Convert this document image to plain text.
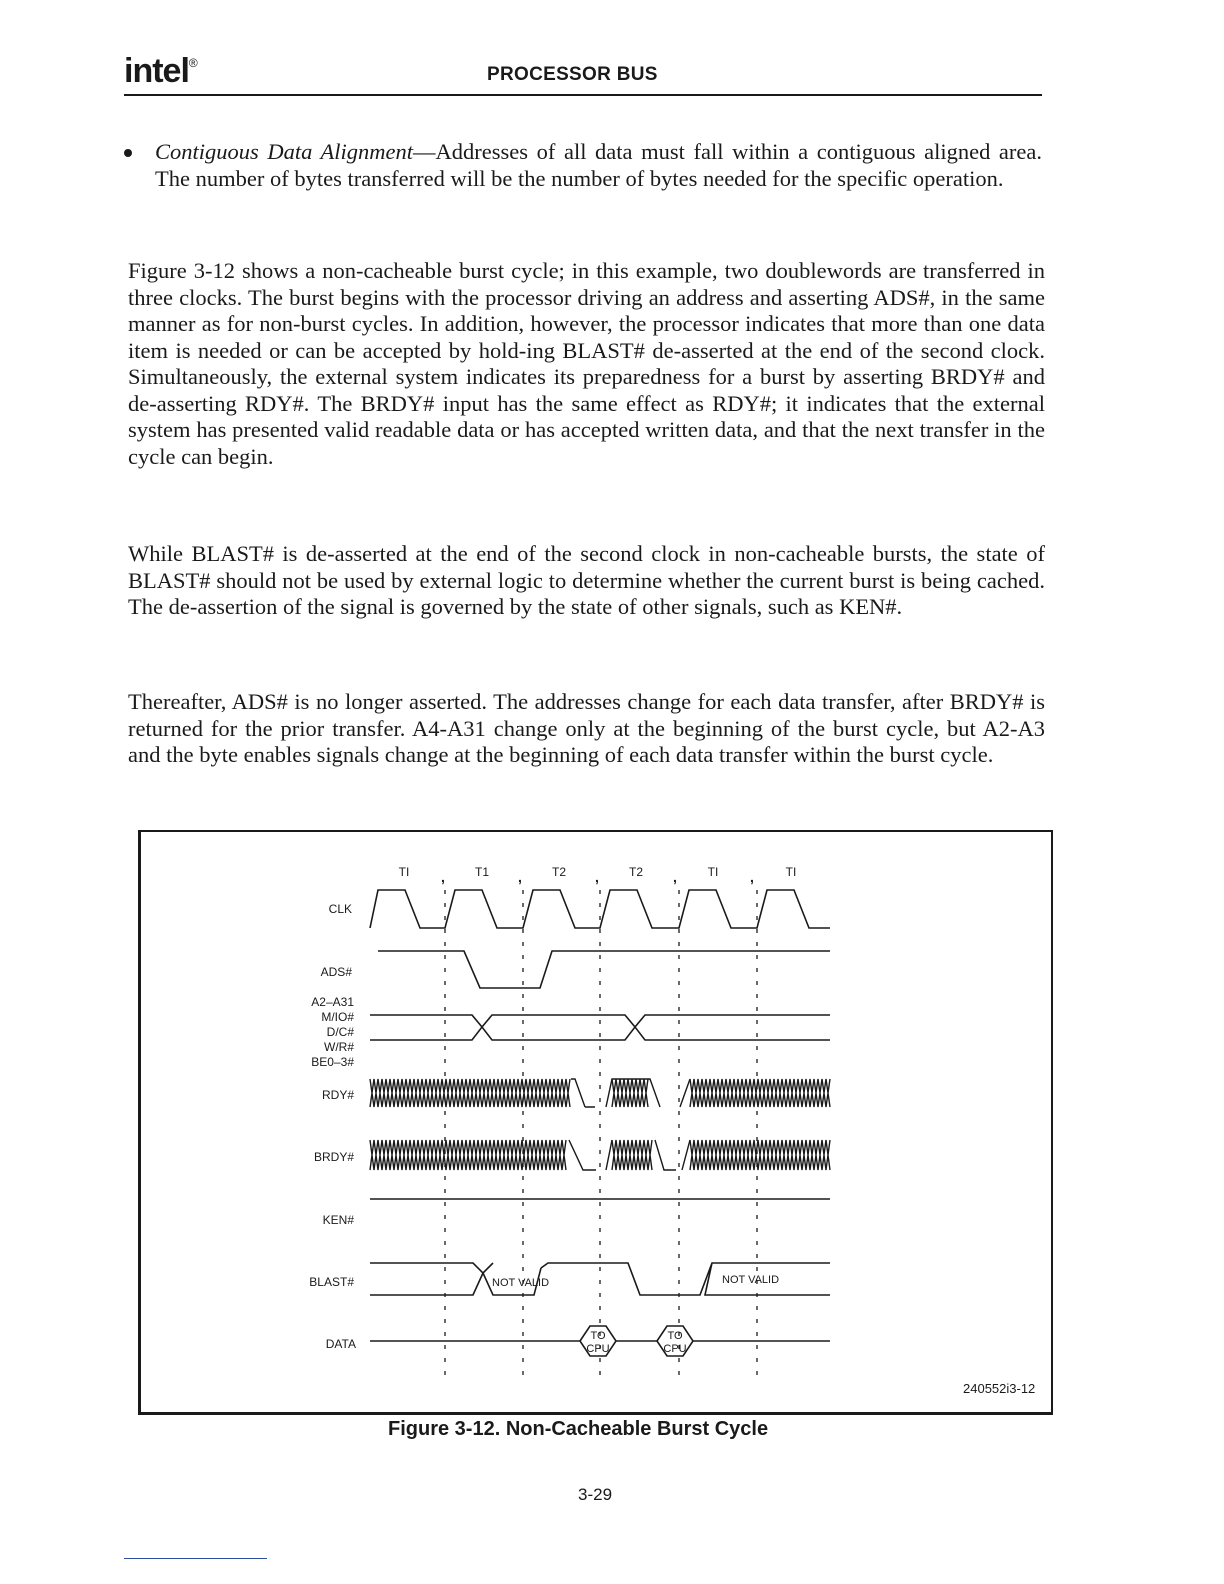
intel®
PROCESSOR BUS
Contiguous Data Alignment—Addresses of all data must fall within a contiguous aligned area. The number of bytes transferred will be the number of bytes needed for the specific operation.

Figure 3-12 shows a non-cacheable burst cycle; in this example, two doublewords are transferred in three clocks. The burst begins with the processor driving an address and asserting ADS#, in the same manner as for non-burst cycles. In addition, however, the processor indicates that more than one data item is needed or can be accepted by hold-ing BLAST# de-asserted at the end of the second clock. Simultaneously, the external system indicates its preparedness for a burst by asserting BRDY# and de-asserting RDY#. The BRDY# input has the same effect as RDY#; it indicates that the external system has presented valid readable data or has accepted written data, and that the next transfer in the cycle can begin.

While BLAST# is de-asserted at the end of the second clock in non-cacheable bursts, the state of BLAST# should not be used by external logic to determine whether the current burst is being cached. The de-assertion of the signal is governed by the state of other signals, such as KEN#.

Thereafter, ADS# is no longer asserted. The addresses change for each data transfer, after BRDY# is returned for the prior transfer. A4-A31 change only at the beginning of the burst cycle, but A2-A3 and the byte enables signals change at the beginning of each data transfer within the burst cycle.

TI	T1	T2	T2	TI	TI
,	,	,	,	,
CLK
ADS#
A2–A31
M/IO#
D/C#
W/R#
BE0–3#
RDY#
BRDY#
KEN#
BLAST#
DATA
NOT VALID	NOT VALID
TO
CPU
TO
CPU
240552i3-12
Figure 3-12. Non-Cacheable Burst Cycle
3-29
